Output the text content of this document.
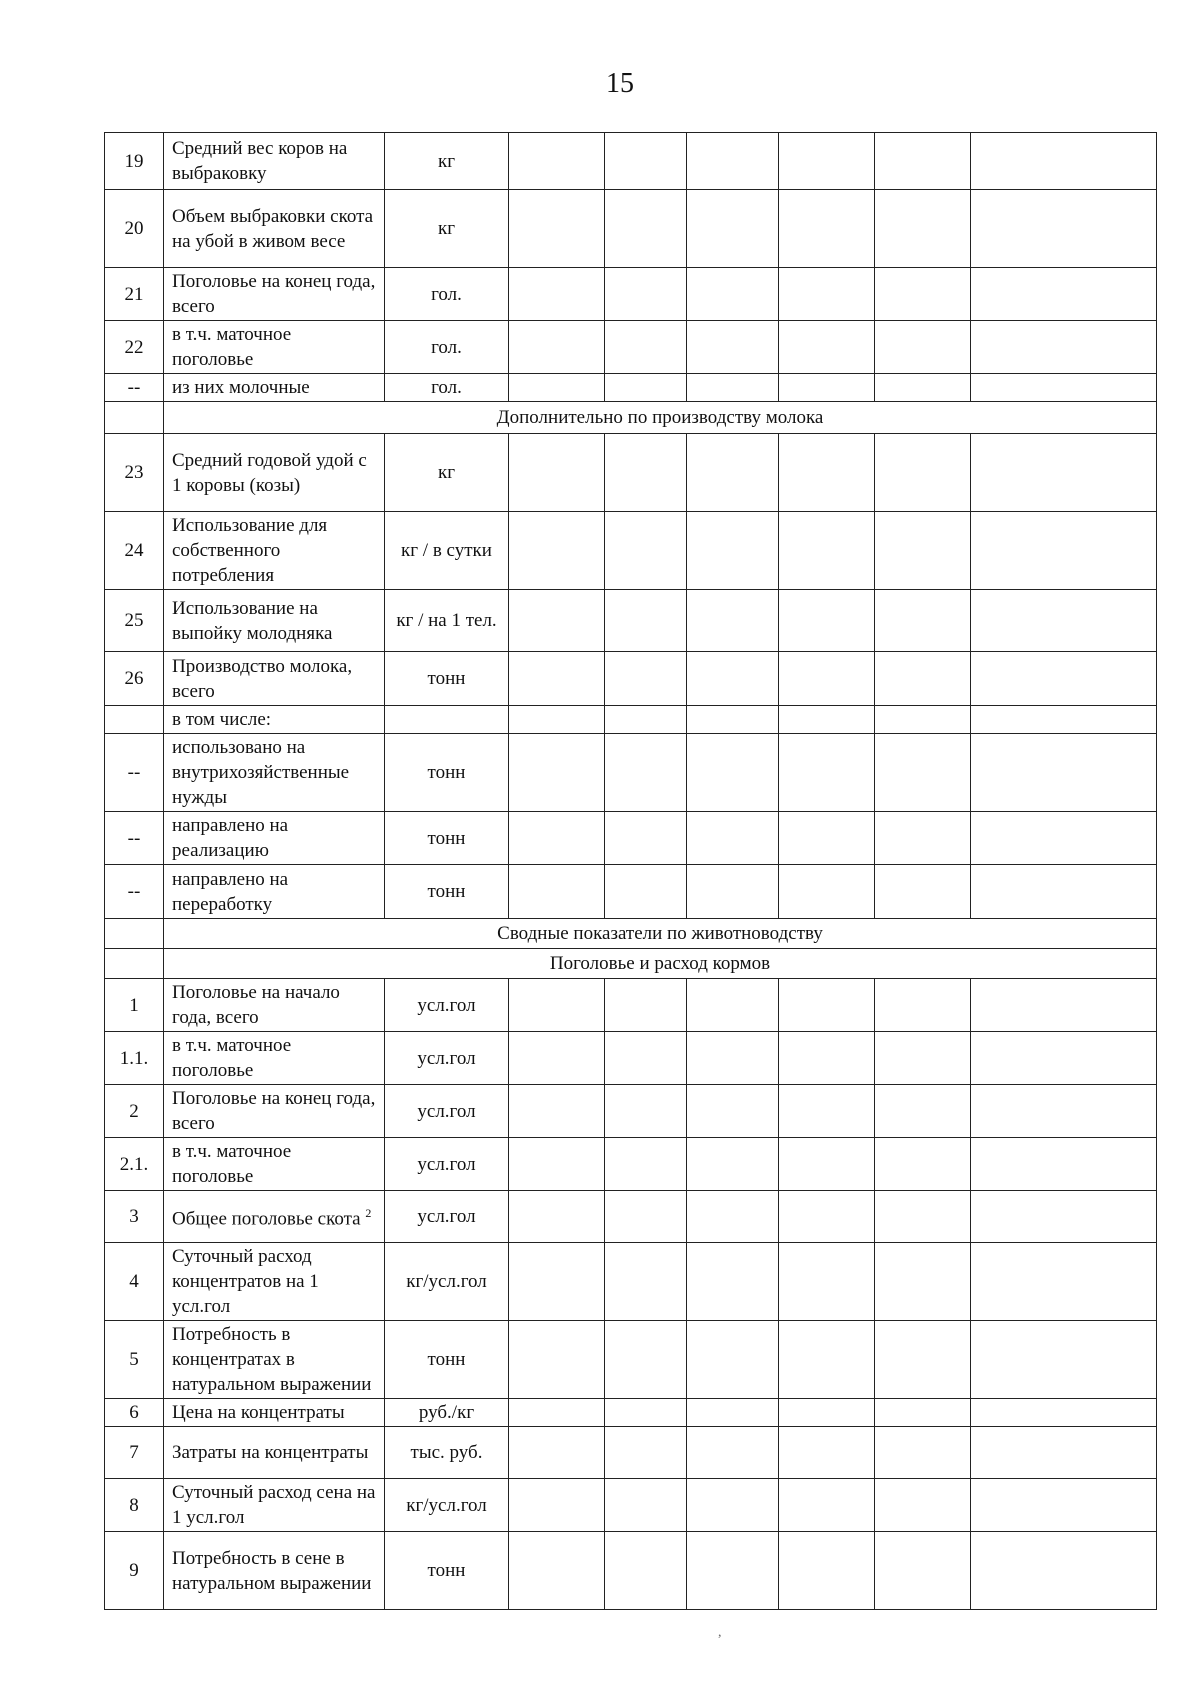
15
19	Средний вес коров на выбраковку	кг						
20	Объем выбраковки скота на убой в живом весе	кг						
21	Поголовье на конец года, всего	гол.						
22	в т.ч. маточное поголовье	гол.						
--	из них молочные	гол.						
	Дополнительно по производству молока							
23	Средний годовой удой с 1 коровы (козы)	кг						
24	Использование для собственного потребления	кг / в сутки						
25	Использование на выпойку молодняка	кг / на 1 тел.						
26	Производство молока, всего	тонн						
	в том числе:							
--	использовано на внутрихозяйственные нужды	тонн						
--	направлено на реализацию	тонн						
--	направлено на переработку	тонн						
	Сводные показатели по животноводству							
	Поголовье и расход кормов							
1	Поголовье на начало года, всего	усл.гол						
1.1.	в т.ч. маточное поголовье	усл.гол						
2	Поголовье на конец года, всего	усл.гол						
2.1.	в т.ч. маточное поголовье	усл.гол						
3	Общее поголовье скота $^2$	усл.гол						
4	Суточный расход концентратов на 1 усл.гол	кг/усл.гол						
5	Потребность в концентратах в натуральном выражении	тонн						
6	Цена на концентраты	руб./кг						
7	Затраты на концентраты	тыс. руб.						
8	Суточный расход сена на 1 усл.гол	кг/усл.гол						
9	Потребность в сене в натуральном выражении	тонн						
,
